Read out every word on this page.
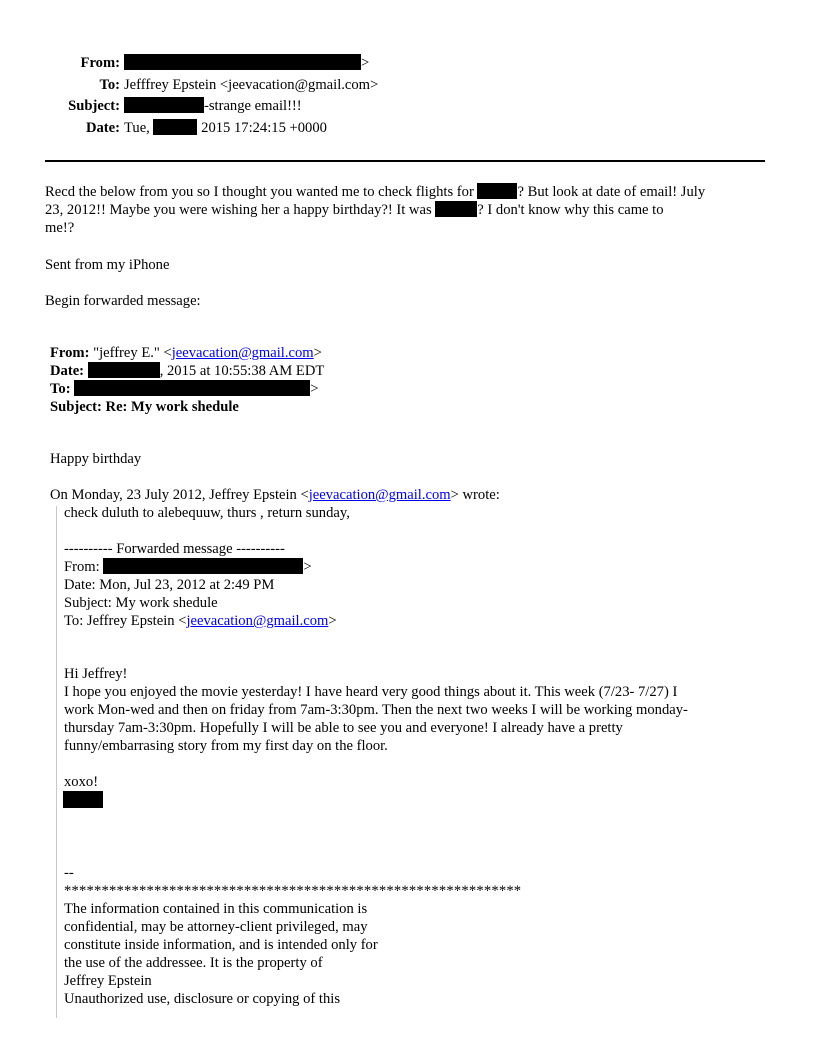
From:	>
To: Jefffrey Epstein <jeevacation@gmail.com>
Subject:	-strange email!!!
Date: Tue,	2015 17:24:15 +0000
Recd the below from you so I thought you wanted me to check flights for	? But look at date of email! July
23, 2012!! Maybe you were wishing her a happy birthday?! It was	? I don't know why this came to
me!?
Sent from my iPhone
Begin forwarded message:
From: "jeffrey E." <jeevacation@gmail.com>
Date:	, 2015 at 10:55:38 AM EDT
To:	>
Subject: Re: My work shedule
Happy birthday
On Monday, 23 July 2012, Jeffrey Epstein <jeevacation@gmail.com> wrote:
check duluth to alebequuw, thurs , return sunday,

---------- Forwarded message ----------
From:	>
Date: Mon, Jul 23, 2012 at 2:49 PM
Subject: My work shedule
To: Jeffrey Epstein <jeevacation@gmail.com>
Hi Jeffrey!
I hope you enjoyed the movie yesterday! I have heard very good things about it. This week (7/23- 7/27) I
work Mon-wed and then on friday from 7am-3:30pm. Then the next two weeks I will be working monday-
thursday 7am-3:30pm. Hopefully I will be able to see you and everyone! I already have a pretty
funny/embarrasing story from my first day on the floor.

xoxo!
--
*************************************************************
The information contained in this communication is
confidential, may be attorney-client privileged, may
constitute inside information, and is intended only for
the use of the addressee. It is the property of
Jeffrey Epstein
Unauthorized use, disclosure or copying of this
